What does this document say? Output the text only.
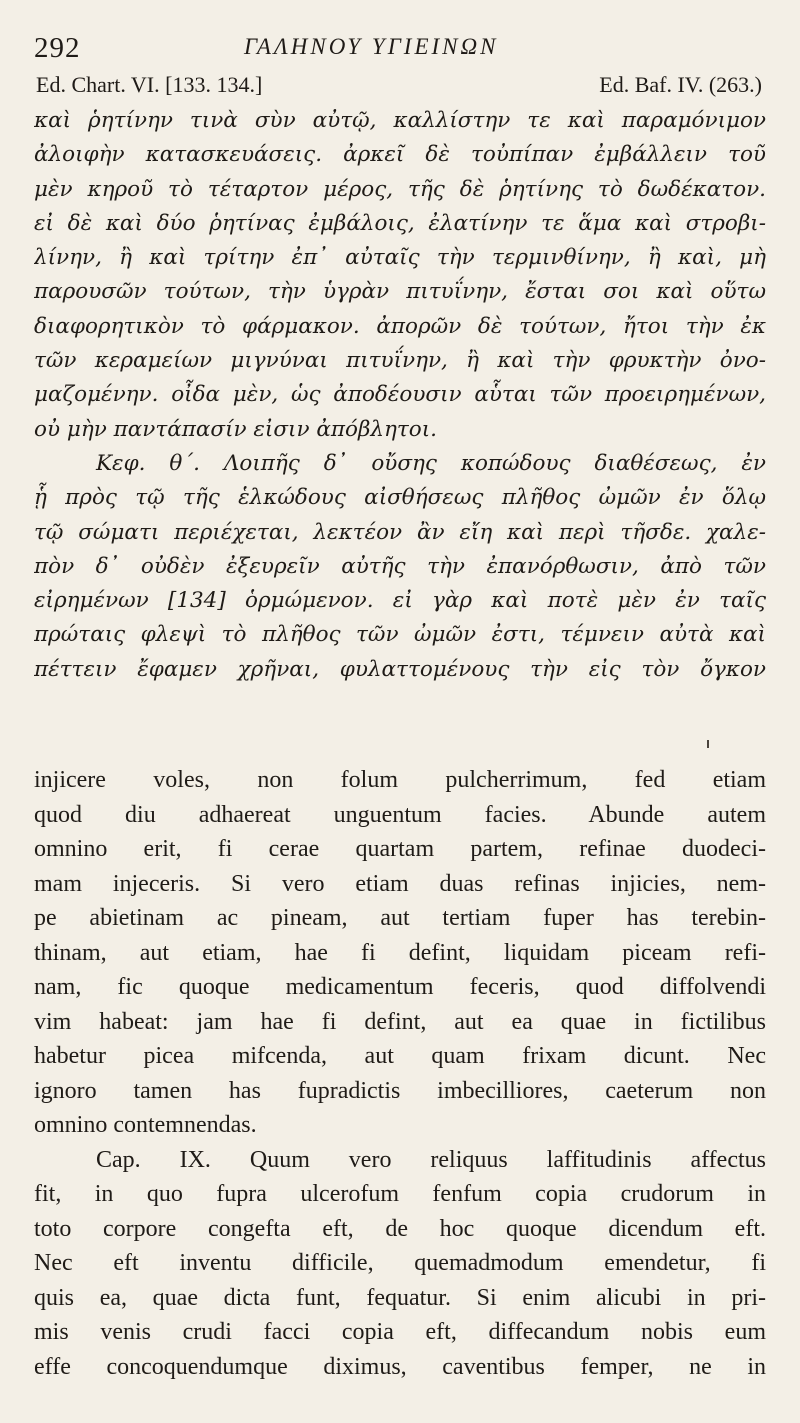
292	ΓΑΛΗΝΟΥ ΥΓΙΕΙΝΩΝ
Ed. Chart. VI. [133. 134.]	Ed. Baf. IV. (263.)
καὶ ῥητίνην τινὰ σὺν αὐτῷ, καλλίστην τε καὶ παραμόνιμον
ἀλοιφὴν κατασκευάσεις. ἀρκεῖ δὲ τοὐπίπαν ἐμβάλλειν τοῦ
μὲν κηροῦ τὸ τέταρτον μέρος, τῆς δὲ ῥητίνης τὸ δωδέκατον.
εἰ δὲ καὶ δύο ῥητίνας ἐμβάλοις, ἐλατίνην τε ἅμα καὶ στροβι-
λίνην, ἢ καὶ τρίτην ἐπ᾽ αὐταῖς τὴν τερμινθίνην, ἢ καὶ, μὴ
παρουσῶν τούτων, τὴν ὑγρὰν πιτυΐνην, ἔσται σοι καὶ οὕτω
διαφορητικὸν τὸ φάρμακον. ἀπορῶν δὲ τούτων, ἤτοι τὴν ἐκ
τῶν κεραμείων μιγνύναι πιτυΐνην, ἢ καὶ τὴν φρυκτὴν ὀνο-
μαζομένην. οἶδα μὲν, ὡς ἀποδέουσιν αὗται τῶν προειρημένων,
οὐ μὴν παντάπασίν εἰσιν ἀπόβλητοι.
Κεφ. θ΄. Λοιπῆς δ᾽ οὔσης κοπώδους διαθέσεως, ἐν
ᾗ πρὸς τῷ τῆς ἑλκώδους αἰσθήσεως πλῆθος ὠμῶν ἐν ὅλῳ
τῷ σώματι περιέχεται, λεκτέον ἂν εἴη καὶ περὶ τῆσδε. χαλε-
πὸν δ᾽ οὐδὲν ἐξευρεῖν αὐτῆς τὴν ἐπανόρθωσιν, ἀπὸ τῶν
εἰρημένων [134] ὁρμώμενον. εἰ γὰρ καὶ ποτὲ μὲν ἐν ταῖς
πρώταις φλεψὶ τὸ πλῆθος τῶν ὠμῶν ἐστι, τέμνειν αὐτὰ καὶ
πέττειν ἔφαμεν χρῆναι, φυλαττομένους τὴν εἰς τὸν ὄγκον
injicere voles, non folum pulcherrimum, fed etiam
quod diu adhaereat unguentum facies. Abunde autem
omnino erit, fi cerae quartam partem, refinae duodeci-
mam injeceris. Si vero etiam duas refinas injicies, nem-
pe abietinam ac pineam, aut tertiam fuper has terebin-
thinam, aut etiam, hae fi defint, liquidam piceam refi-
nam, fic quoque medicamentum feceris, quod diffolvendi
vim habeat: jam hae fi defint, aut ea quae in fictilibus
habetur picea mifcenda, aut quam frixam dicunt. Nec
ignoro tamen has fupradictis imbecilliores, caeterum non
omnino contemnendas.
Cap. IX. Quum vero reliquus laffitudinis affectus
fit, in quo fupra ulcerofum fenfum copia crudorum in
toto corpore congefta eft, de hoc quoque dicendum eft.
Nec eft inventu difficile, quemadmodum emendetur, fi
quis ea, quae dicta funt, fequatur. Si enim alicubi in pri-
mis venis crudi facci copia eft, diffecandum nobis eum
effe concoquendumque diximus, caventibus femper, ne in
